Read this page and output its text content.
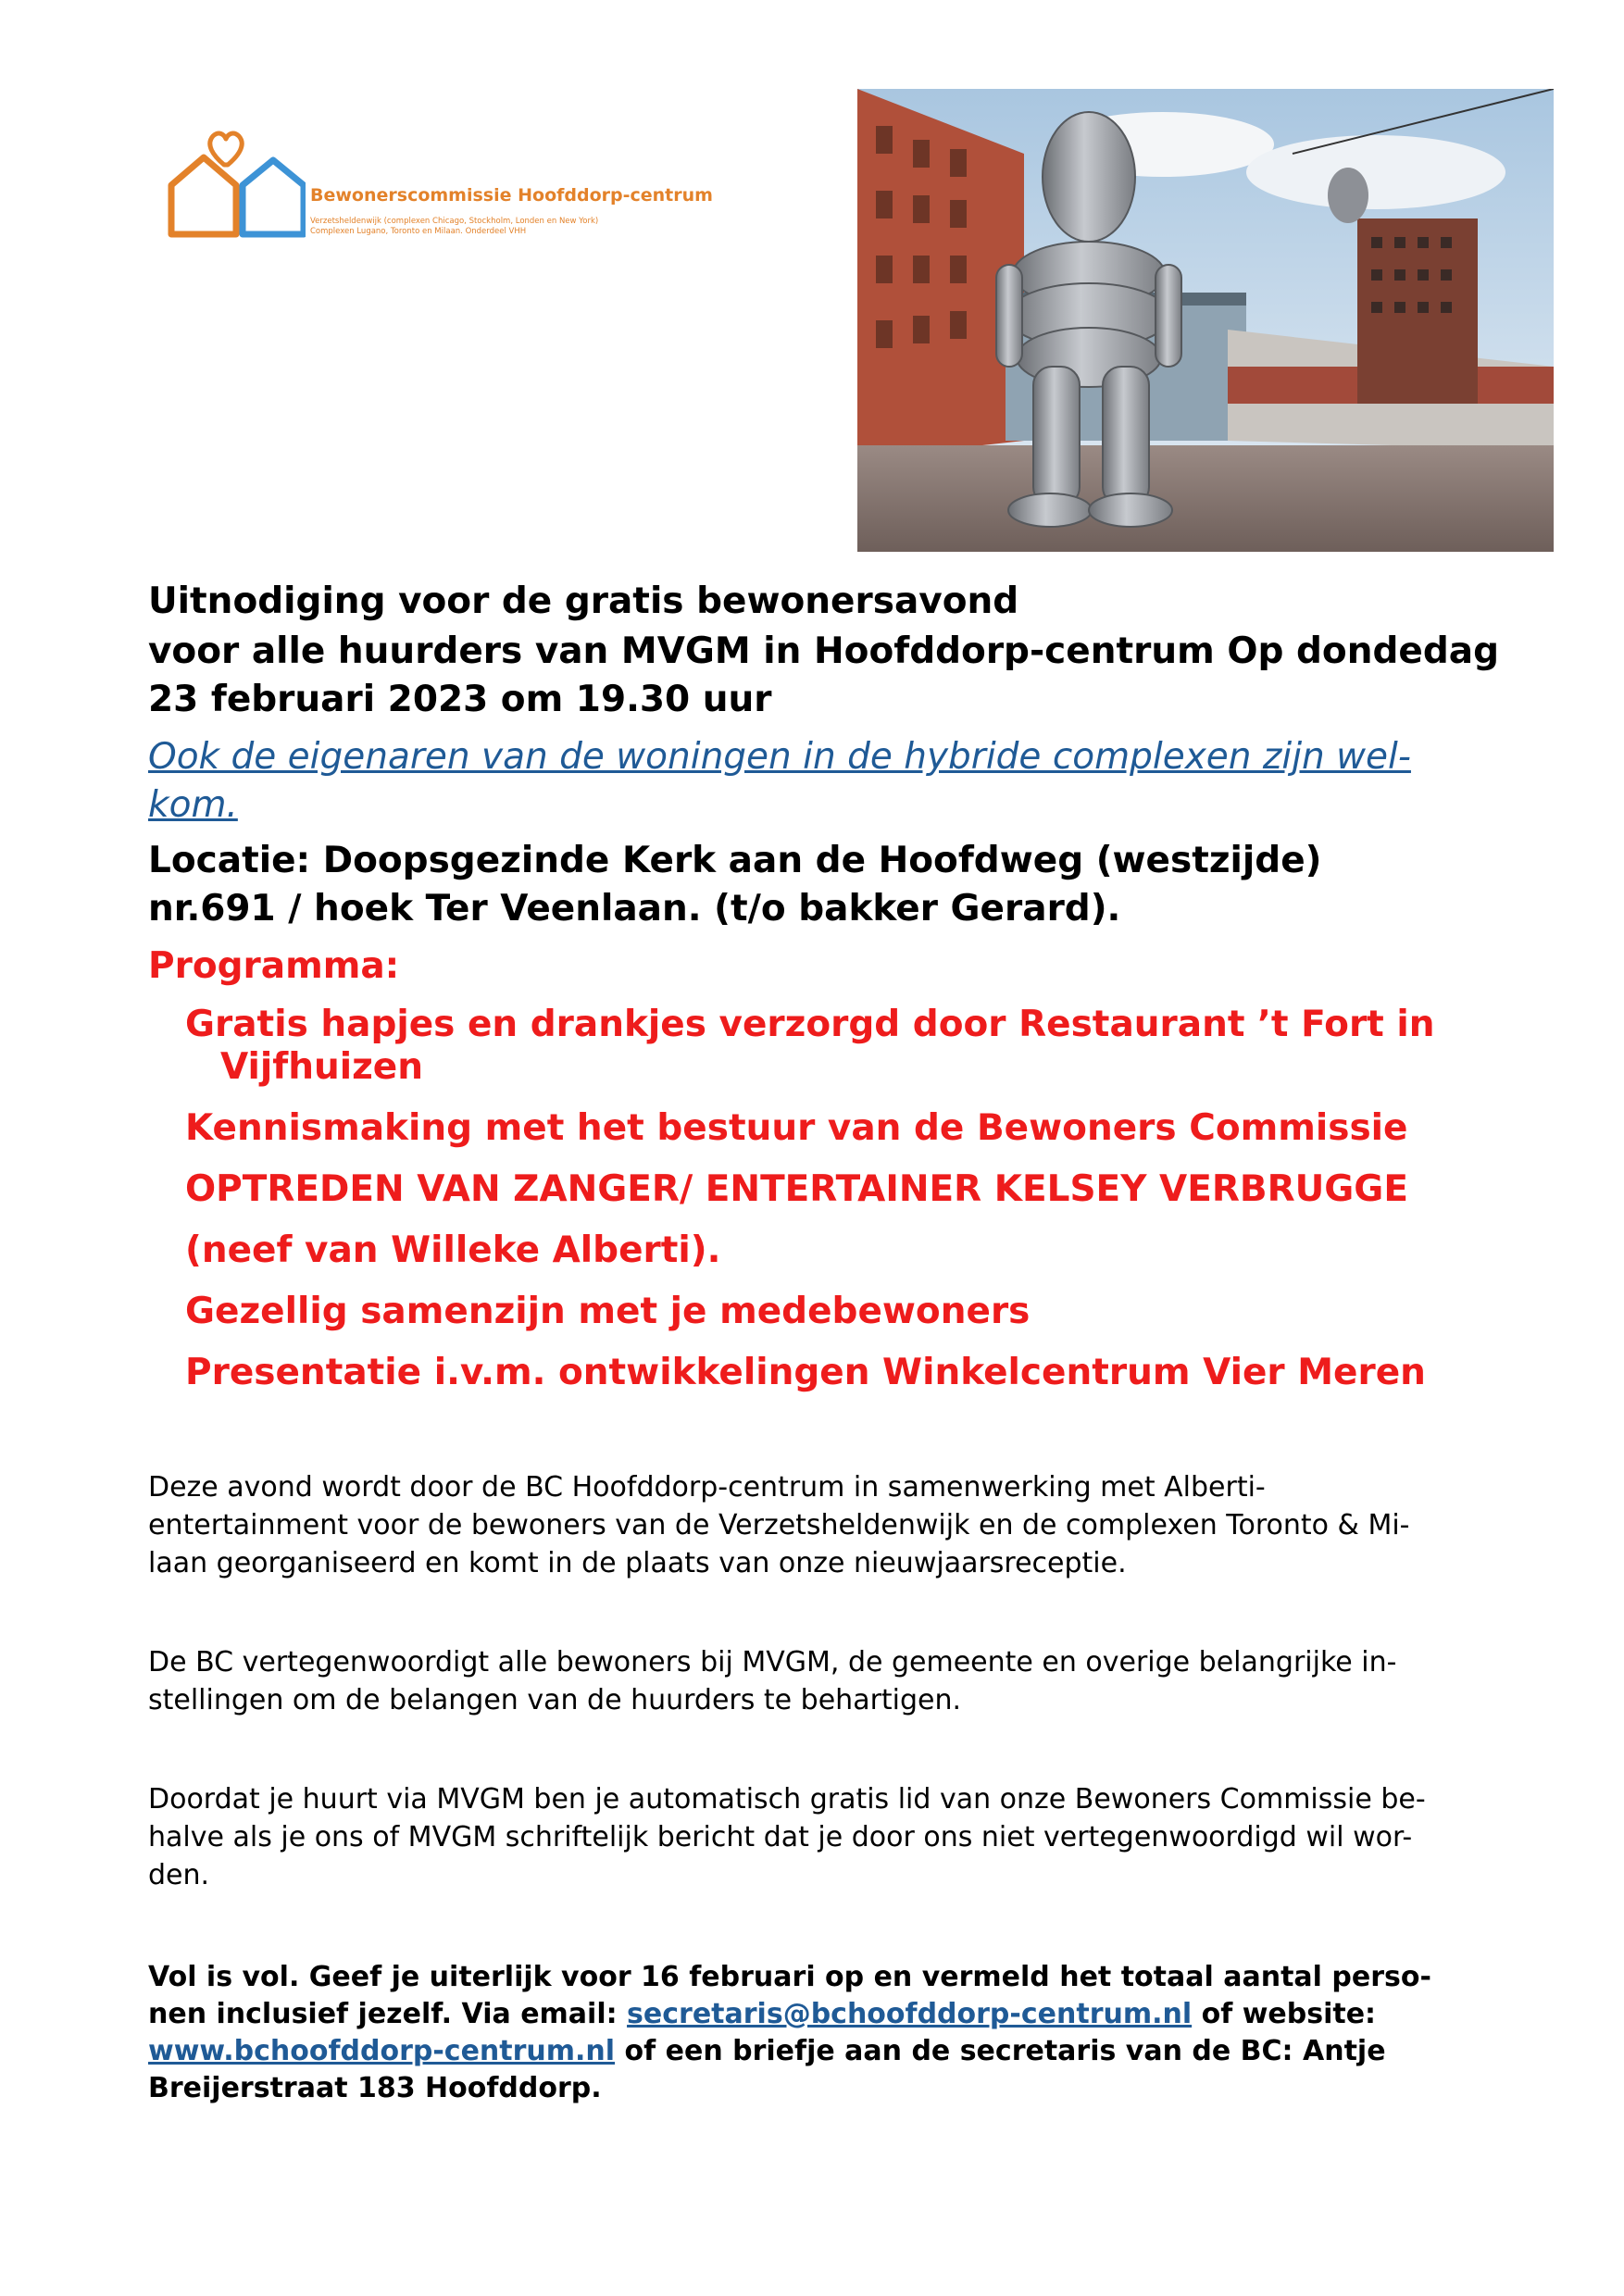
Bewonerscommissie Hoofddorp-centrum

Verzetsheldenwijk (complexen Chicago, Stockholm, Londen en New York)
Complexen Lugano, Toronto en Milaan. Onderdeel VHH

Uitnodiging voor de gratis bewonersavond
voor alle huurders van MVGM in Hoofddorp-centrum Op dondedag
23 februari 2023 om 19.30 uur

Ook de eigenaren van de woningen in de hybride complexen zijn wel-
kom.

Locatie: Doopsgezinde Kerk aan de Hoofdweg (westzijde)
nr.691 / hoek Ter Veenlaan. (t/o bakker Gerard).

Programma:

Gratis hapjes en drankjes verzorgd door Restaurant ’t Fort in
Vijfhuizen
Kennismaking met het bestuur van de Bewoners Commissie
OPTREDEN VAN ZANGER/ ENTERTAINER KELSEY VERBRUGGE
(neef van Willeke Alberti).
Gezellig samenzijn met je medebewoners
Presentatie i.v.m. ontwikkelingen Winkelcentrum Vier Meren

Deze avond wordt door de BC Hoofddorp-centrum in samenwerking met Alberti-
entertainment voor de bewoners van de Verzetsheldenwijk en de complexen Toronto & Mi-
laan georganiseerd en komt in de plaats van onze nieuwjaarsreceptie.

De BC vertegenwoordigt alle bewoners bij MVGM, de gemeente en overige belangrijke in-
stellingen om de belangen van de huurders te behartigen.

Doordat je huurt via MVGM ben je automatisch gratis lid van onze Bewoners Commissie be-
halve als je ons of MVGM schriftelijk bericht dat je door ons niet vertegenwoordigd wil wor-
den.

Vol is vol. Geef je uiterlijk voor 16 februari op en vermeld het totaal aantal perso-
nen inclusief jezelf. Via email: secretaris@bchoofddorp-centrum.nl of website:
www.bchoofddorp-centrum.nl of een briefje aan de secretaris van de BC: Antje
Breijerstraat 183 Hoofddorp.
